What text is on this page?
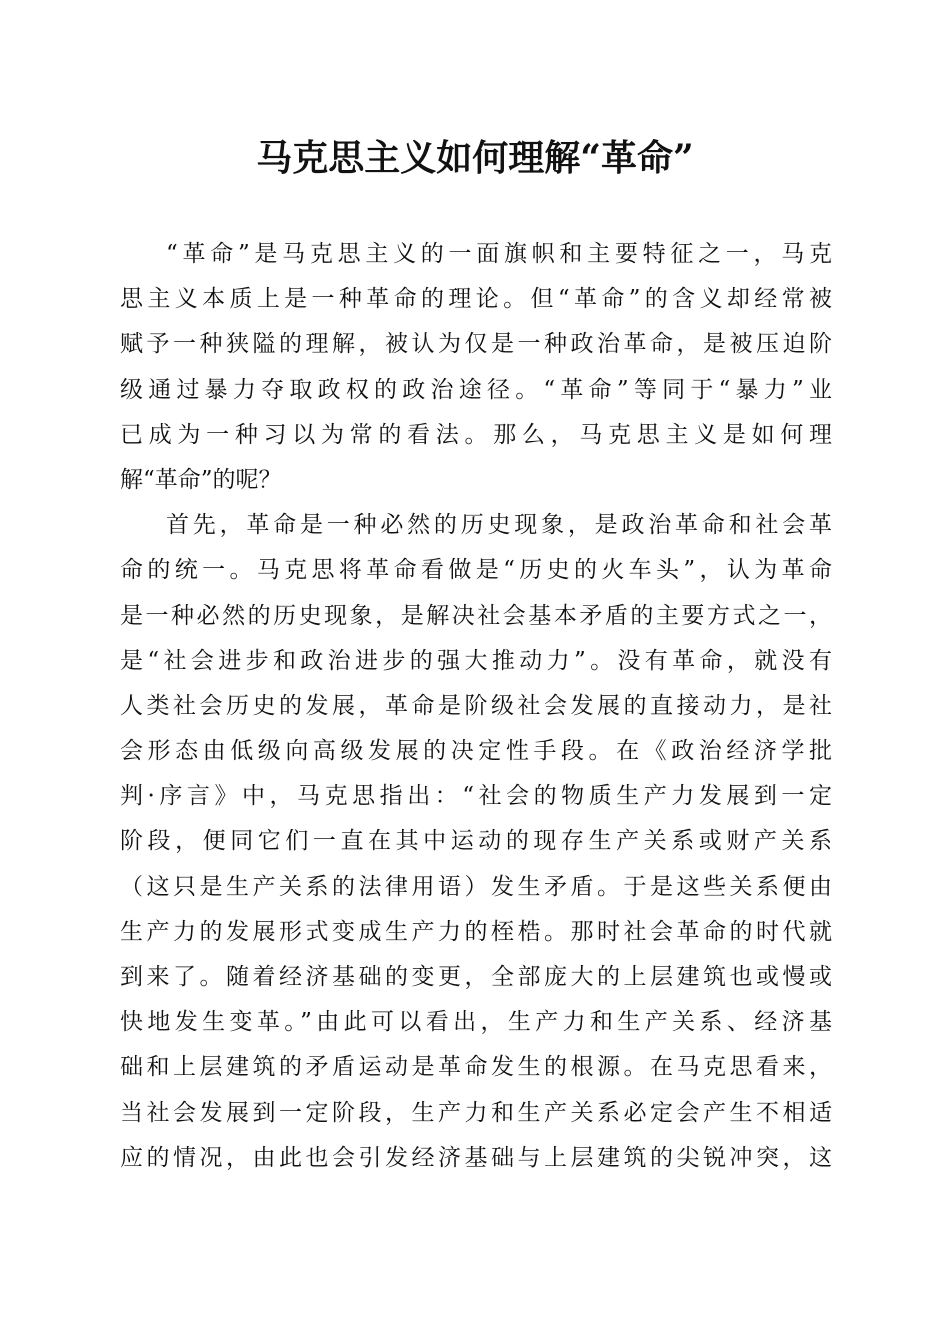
马克思主义如何理解“革命”
“革命”是马克思主义的一面旗帜和主要特征之一，马克
思主义本质上是一种革命的理论。但“革命”的含义却经常被
赋予一种狭隘的理解，被认为仅是一种政治革命，是被压迫阶
级通过暴力夺取政权的政治途径。“革命”等同于“暴力”业
已成为一种习以为常的看法。那么，马克思主义是如何理
解“革命”的呢？
首先，革命是一种必然的历史现象，是政治革命和社会革
命的统一。马克思将革命看做是“历史的火车头”，认为革命
是一种必然的历史现象，是解决社会基本矛盾的主要方式之一，
是“社会进步和政治进步的强大推动力”。没有革命，就没有
人类社会历史的发展，革命是阶级社会发展的直接动力，是社
会形态由低级向高级发展的决定性手段。在《政治经济学批
判·序言》中，马克思指出：“社会的物质生产力发展到一定
阶段，便同它们一直在其中运动的现存生产关系或财产关系
（这只是生产关系的法律用语）发生矛盾。于是这些关系便由
生产力的发展形式变成生产力的桎梏。那时社会革命的时代就
到来了。随着经济基础的变更，全部庞大的上层建筑也或慢或
快地发生变革。”由此可以看出，生产力和生产关系、经济基
础和上层建筑的矛盾运动是革命发生的根源。在马克思看来，
当社会发展到一定阶段，生产力和生产关系必定会产生不相适
应的情况，由此也会引发经济基础与上层建筑的尖锐冲突，这
